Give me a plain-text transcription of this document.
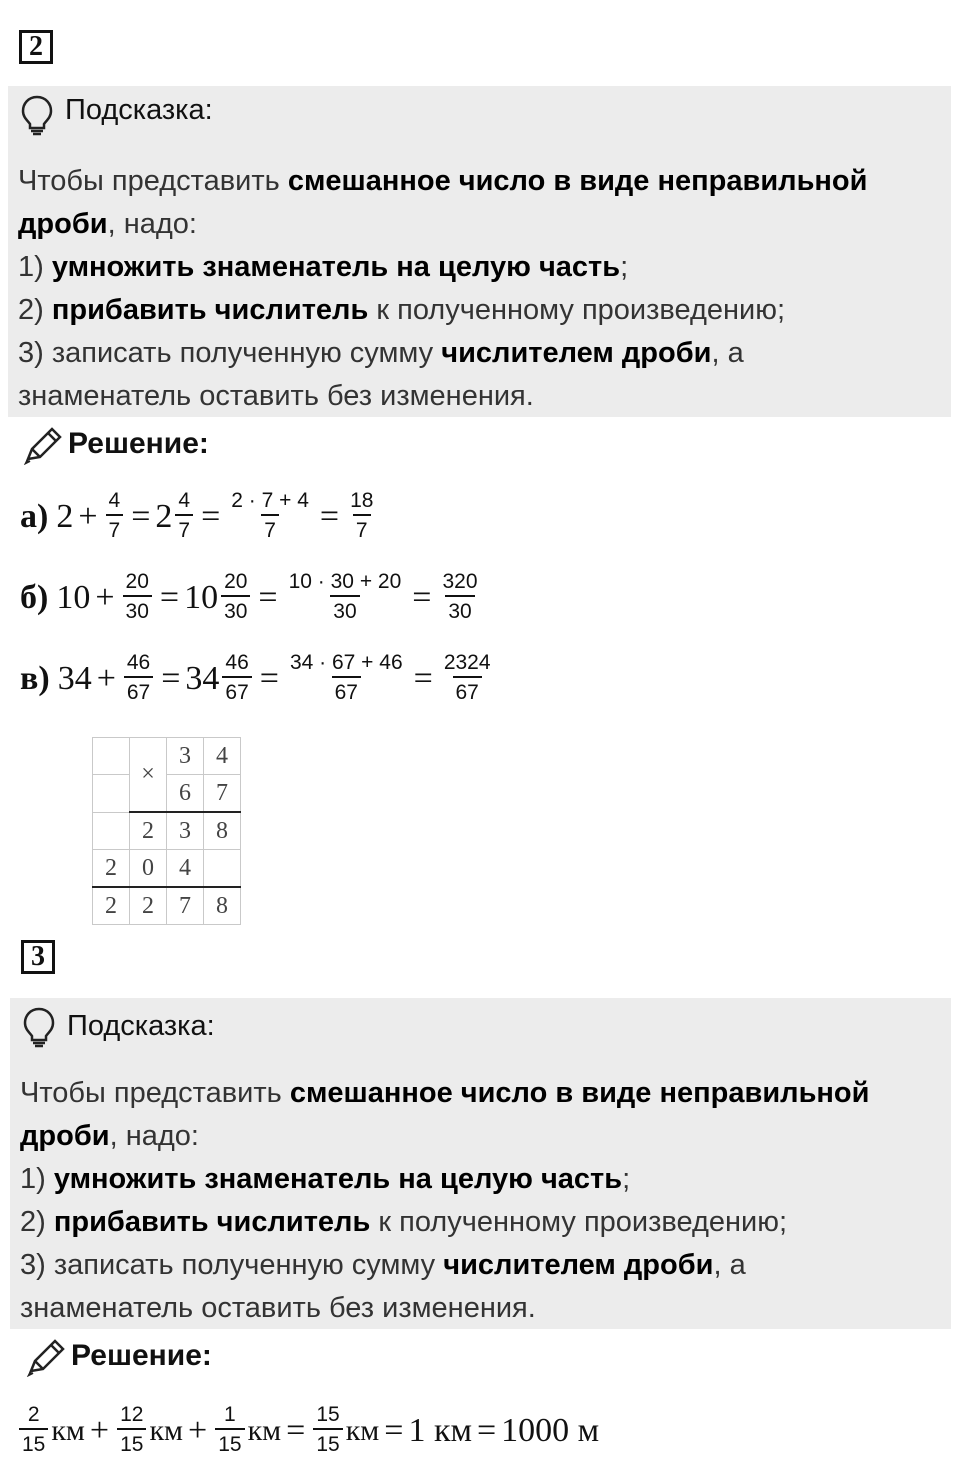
2
Подсказка:
Чтобы представить смешанное число в виде неправильной дроби, надо:
1) умножить знаменатель на целую часть;
2) прибавить числитель к полученному произведению;
3) записать полученную сумму числителем дроби, а
знаменатель оставить без изменения.
Решение:
а) $2 + \frac{4}{7} = 2 \frac{4}{7} = \frac{2 \cdot 7 + 4}{7} = \frac{18}{7}$
б) $10 + \frac{20}{30} = 10 \frac{20}{30} = \frac{10 \cdot 30 + 20}{30} = \frac{320}{30}$
в) $34 + \frac{46}{67} = 34 \frac{46}{67} = \frac{34 \cdot 67 + 46}{67} = \frac{2324}{67}$
	×	3	4
		6	7
	2	3	8
2	0	4	
2	2	7	8
3
Подсказка:
Чтобы представить смешанное число в виде неправильной дроби, надо:
1) умножить знаменатель на целую часть;
2) прибавить числитель к полученному произведению;
3) записать полученную сумму числителем дроби, а
знаменатель оставить без изменения.
Решение:
$\frac{2}{15}$ км + $\frac{12}{15}$ км + $\frac{1}{15}$ км = $\frac{15}{15}$ км = 1 км = 1000 м
